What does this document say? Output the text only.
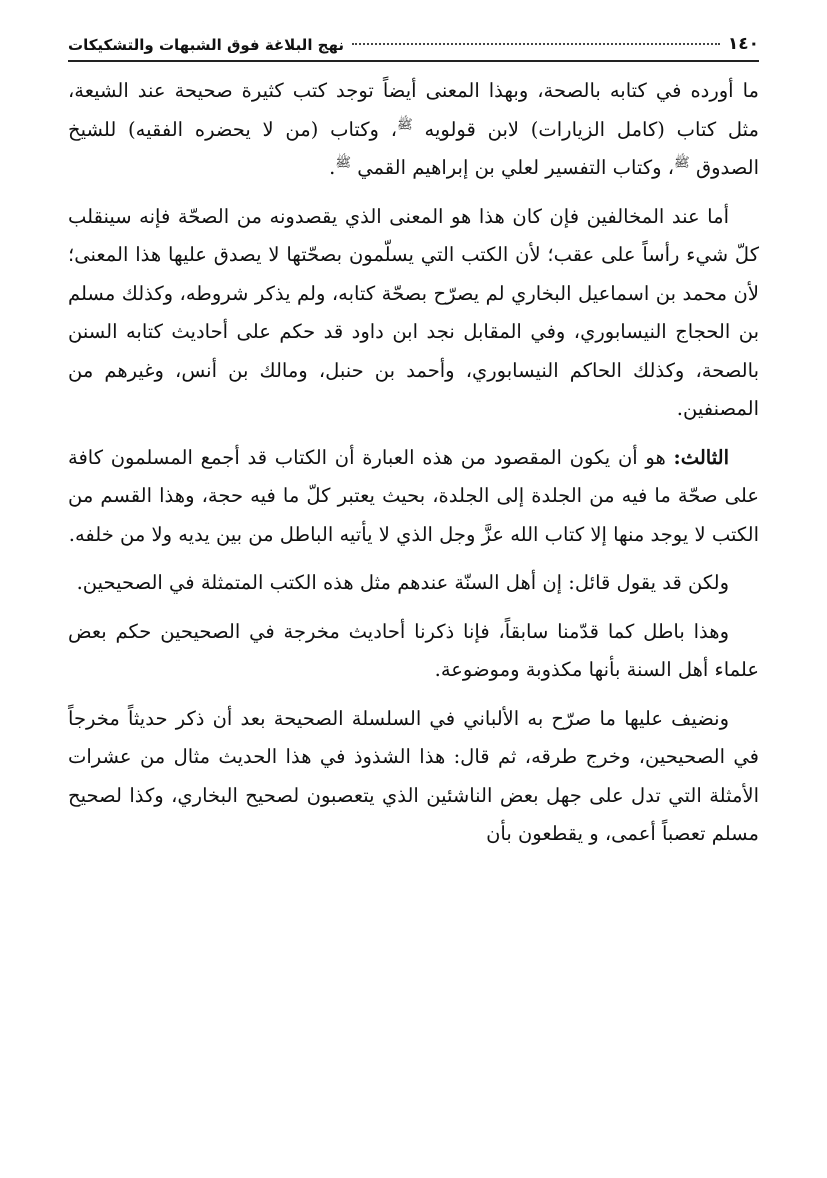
١٤٠
نهج البلاغة فوق الشبهات والتشكيكات

ما أورده في كتابه بالصحة، وبهذا المعنى أيضاً توجد كتب كثيرة صحيحة عند الشيعة، مثل كتاب (كامل الزيارات) لابن قولويه $^ﷺ$، وكتاب (من لا يحضره الفقيه) للشيخ الصدوق $^ﷺ$، وكتاب التفسير لعلي بن إبراهيم القمي $^ﷺ$.

أما عند المخالفين فإن كان هذا هو المعنى الذي يقصدونه من الصحّة فإنه سينقلب كلّ شيء رأساً على عقب؛ لأن الكتب التي يسلّمون بصحّتها لا يصدق عليها هذا المعنى؛ لأن محمد بن اسماعيل البخاري لم يصرّح بصحّة كتابه، ولم يذكر شروطه، وكذلك مسلم بن الحجاج النيسابوري، وفي المقابل نجد ابن داود قد حكم على أحاديث كتابه السنن بالصحة، وكذلك الحاكم النيسابوري، وأحمد بن حنبل، ومالك بن أنس، وغيرهم من المصنفين.

الثالث: هو أن يكون المقصود من هذه العبارة أن الكتاب قد أجمع المسلمون كافة على صحّة ما فيه من الجلدة إلى الجلدة، بحيث يعتبر كلّ ما فيه حجة، وهذا القسم من الكتب لا يوجد منها إلا كتاب الله عزَّ وجل الذي لا يأتيه الباطل من بين يديه ولا من خلفه.

ولكن قد يقول قائل: إن أهل السنّة عندهم مثل هذه الكتب المتمثلة في الصحيحين.

وهذا باطل كما قدّمنا سابقاً، فإنا ذكرنا أحاديث مخرجة في الصحيحين حكم بعض علماء أهل السنة بأنها مكذوبة وموضوعة.

ونضيف عليها ما صرّح به الألباني في السلسلة الصحيحة بعد أن ذكر حديثاً مخرجاً في الصحيحين، وخرج طرقه، ثم قال: هذا الشذوذ في هذا الحديث مثال من عشرات الأمثلة التي تدل على جهل بعض الناشئين الذي يتعصبون لصحيح البخاري، وكذا لصحيح مسلم تعصباً أعمى، و يقطعون بأن
